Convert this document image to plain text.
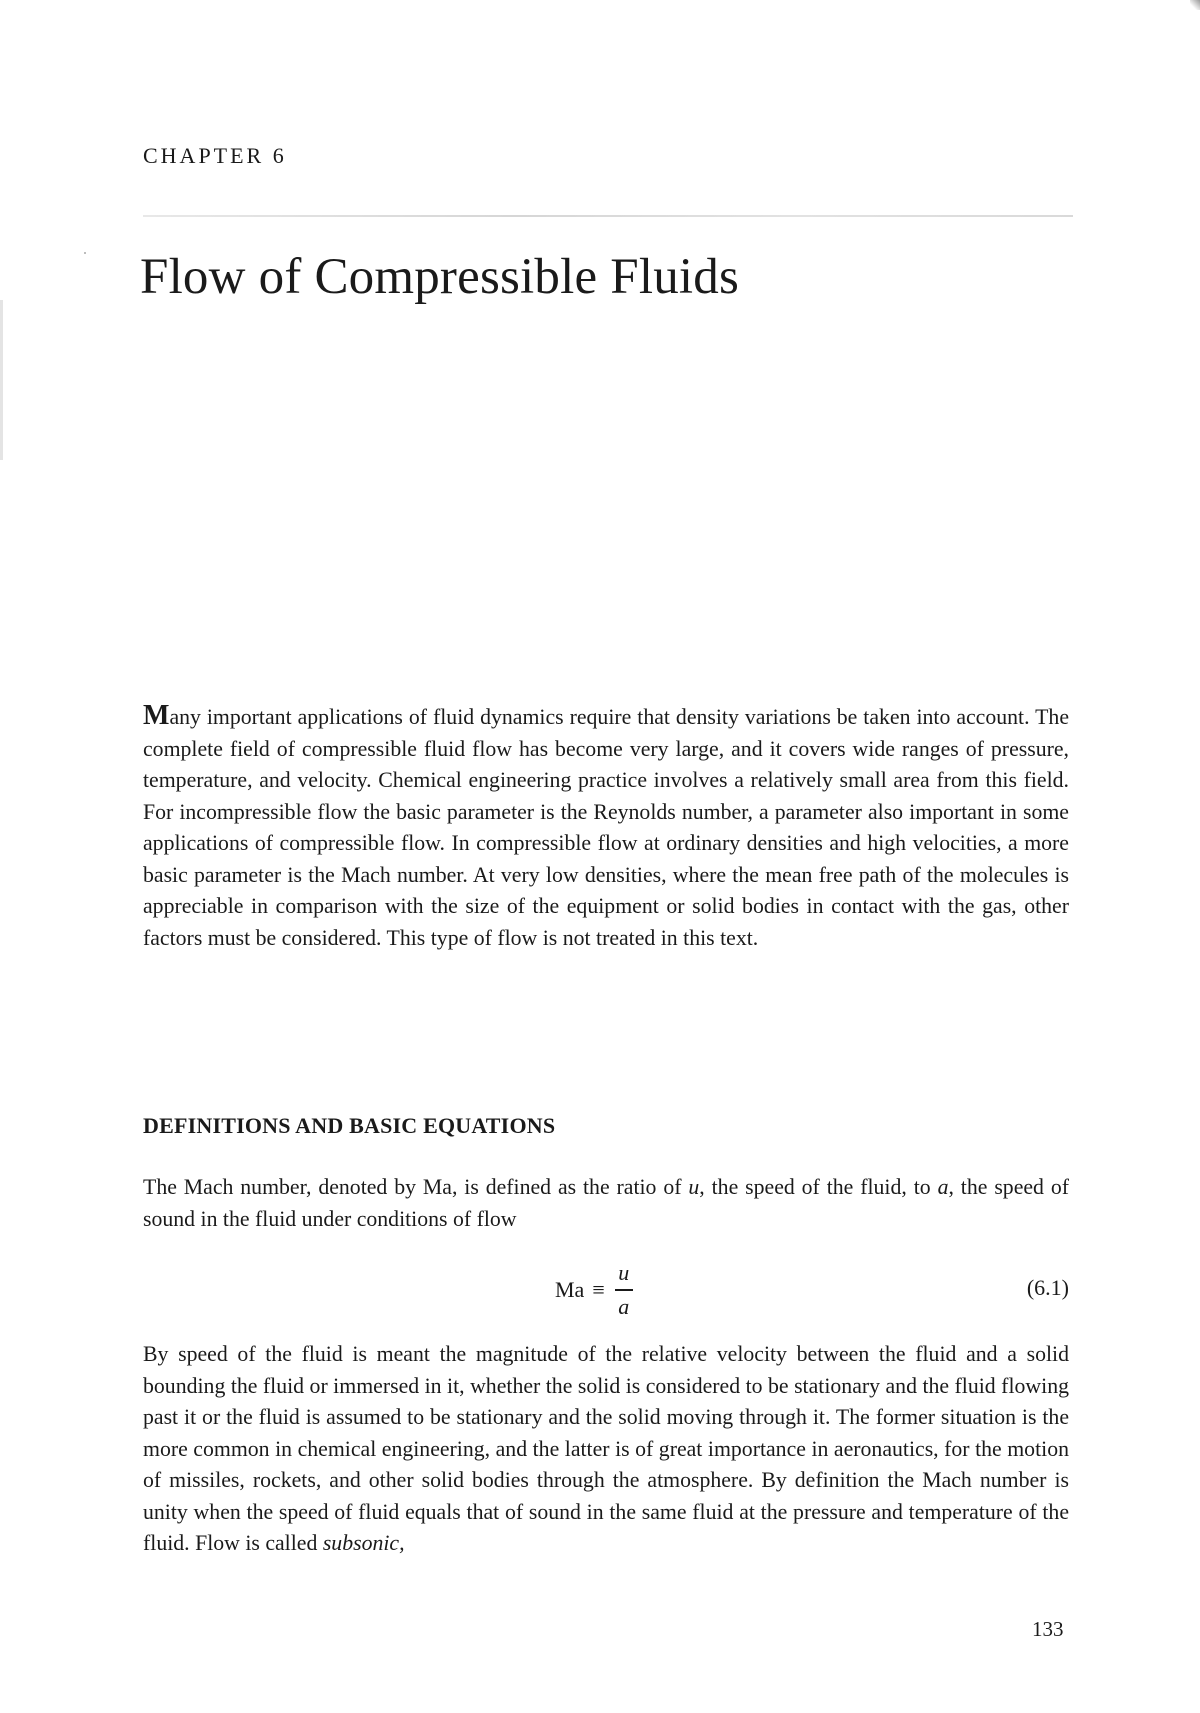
CHAPTER 6
Flow of Compressible Fluids

Many important applications of fluid dynamics require that density variations be taken into account. The complete field of compressible fluid flow has become very large, and it covers wide ranges of pressure, temperature, and velocity. Chemical engineering practice involves a relatively small area from this field. For incompressible flow the basic parameter is the Reynolds number, a parameter also important in some applications of compressible flow. In compressible flow at ordinary densities and high velocities, a more basic parameter is the Mach number. At very low densities, where the mean free path of the molecules is appreciable in comparison with the size of the equipment or solid bodies in contact with the gas, other factors must be considered. This type of flow is not treated in this text.

DEFINITIONS AND BASIC EQUATIONS

The Mach number, denoted by Ma, is defined as the ratio of u, the speed of the fluid, to a, the speed of sound in the fluid under conditions of flow

$Ma \equiv \frac{u}{a}$	(6.1)

By speed of the fluid is meant the magnitude of the relative velocity between the fluid and a solid bounding the fluid or immersed in it, whether the solid is considered to be stationary and the fluid flowing past it or the fluid is assumed to be stationary and the solid moving through it. The former situation is the more common in chemical engineering, and the latter is of great importance in aeronautics, for the motion of missiles, rockets, and other solid bodies through the atmosphere. By definition the Mach number is unity when the speed of fluid equals that of sound in the same fluid at the pressure and temperature of the fluid. Flow is called subsonic,

133
